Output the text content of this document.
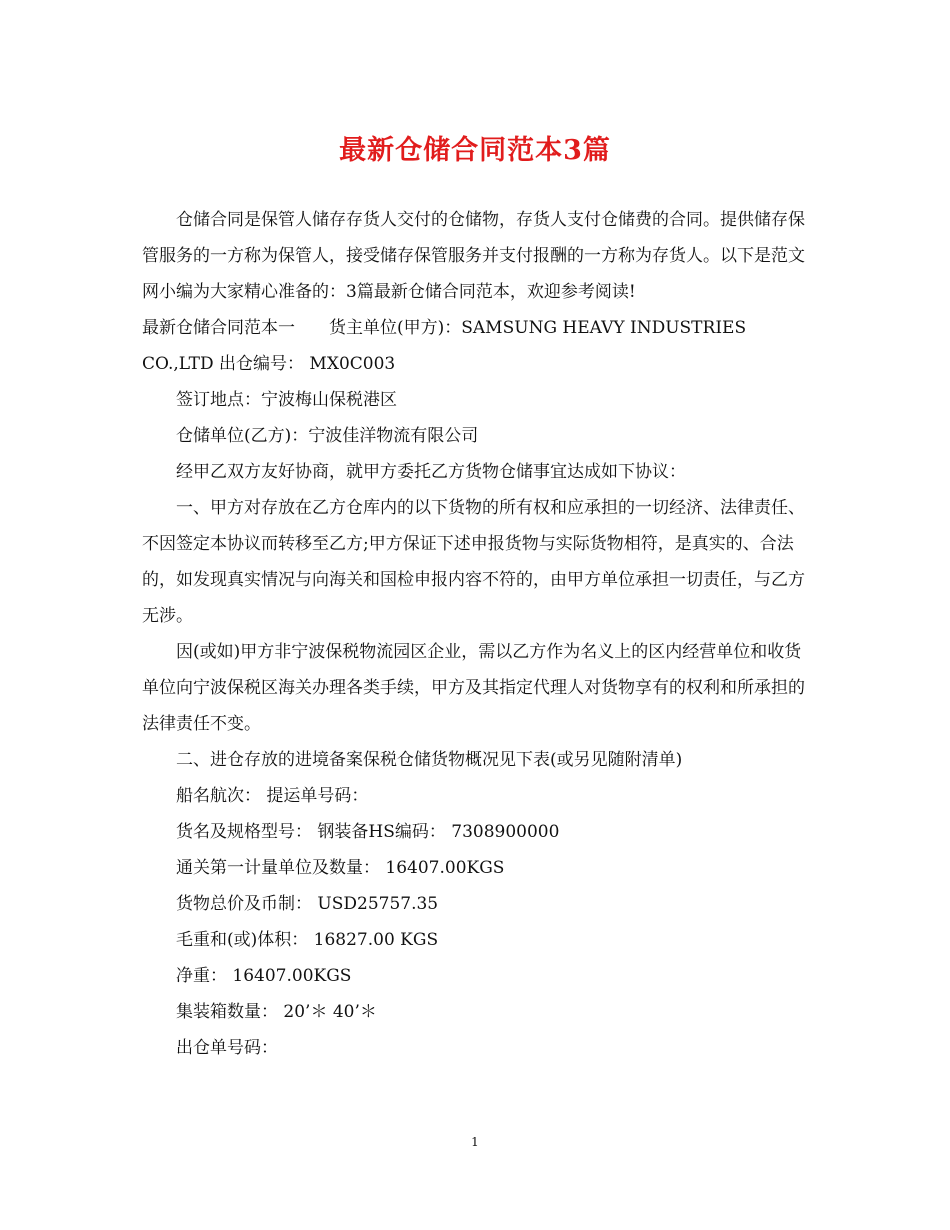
最新仓储合同范本3篇

仓储合同是保管人储存存货人交付的仓储物，存货人支付仓储费的合同。提供储存保管服务的一方称为保管人，接受储存保管服务并支付报酬的一方称为存货人。以下是范文网小编为大家精心准备的：3篇最新仓储合同范本，欢迎参考阅读!

最新仓储合同范本一　　货主单位(甲方)：SAMSUNG HEAVY INDUSTRIES CO.,LTD 出仓编号： MX0C003

签订地点：宁波梅山保税港区

仓储单位(乙方)：宁波佳洋物流有限公司

经甲乙双方友好协商，就甲方委托乙方货物仓储事宜达成如下协议：

一、甲方对存放在乙方仓库内的以下货物的所有权和应承担的一切经济、法律责任、不因签定本协议而转移至乙方;甲方保证下述申报货物与实际货物相符，是真实的、合法的，如发现真实情况与向海关和国检申报内容不符的，由甲方单位承担一切责任，与乙方无涉。

因(或如)甲方非宁波保税物流园区企业，需以乙方作为名义上的区内经营单位和收货单位向宁波保税区海关办理各类手续，甲方及其指定代理人对货物享有的权利和所承担的法律责任不变。

二、进仓存放的进境备案保税仓储货物概况见下表(或另见随附清单)

船名航次： 提运单号码：

货名及规格型号： 钢装备HS编码： 7308900000

通关第一计量单位及数量： 16407.00KGS

货物总价及币制： USD25757.35

毛重和(或)体积： 16827.00 KGS

净重： 16407.00KGS

集装箱数量： 20’＊ 40’＊

出仓单号码：

1
